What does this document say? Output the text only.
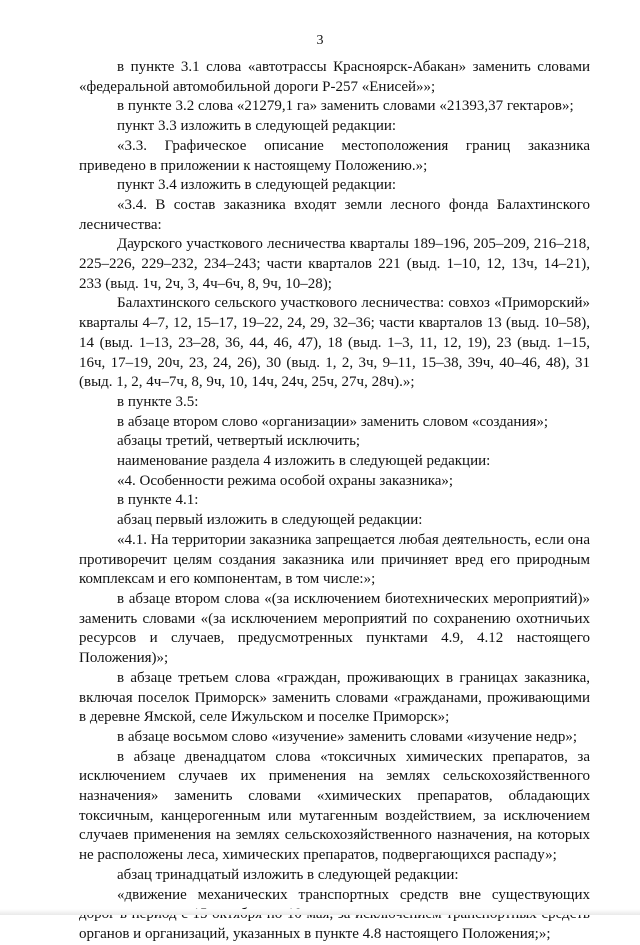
3

в пункте 3.1 слова «автотрассы Красноярск-Абакан» заменить словами «федеральной автомобильной дороги Р-257 «Енисей»»;

в пункте 3.2 слова «21279,1 га» заменить словами «21393,37 гектаров»;

пункт 3.3 изложить в следующей редакции:

«3.3. Графическое описание местоположения границ заказника приведено в приложении к настоящему Положению.»;

пункт 3.4 изложить в следующей редакции:

«3.4. В состав заказника входят земли лесного фонда Балахтинского лесничества:

Даурского участкового лесничества кварталы 189–196, 205–209, 216–218, 225–226, 229–232, 234–243; части кварталов 221 (выд. 1–10, 12, 13ч, 14–21), 233 (выд. 1ч, 2ч, 3, 4ч–6ч, 8, 9ч, 10–28);

Балахтинского сельского участкового лесничества: совхоз «Приморский» кварталы 4–7, 12, 15–17, 19–22, 24, 29, 32–36; части кварталов 13 (выд. 10–58), 14 (выд. 1–13, 23–28, 36, 44, 46, 47), 18 (выд. 1–3, 11, 12, 19), 23 (выд. 1–15, 16ч, 17–19, 20ч, 23, 24, 26), 30 (выд. 1, 2, 3ч, 9–11, 15–38, 39ч, 40–46, 48), 31 (выд. 1, 2, 4ч–7ч, 8, 9ч, 10, 14ч, 24ч, 25ч, 27ч, 28ч).»;

в пункте 3.5:

в абзаце втором слово «организации» заменить словом «создания»;

абзацы третий, четвертый исключить;

наименование раздела 4 изложить в следующей редакции:

«4. Особенности режима особой охраны заказника»;

в пункте 4.1:

абзац первый изложить в следующей редакции:

«4.1. На территории заказника запрещается любая деятельность, если она противоречит целям создания заказника или причиняет вред его природным комплексам и его компонентам, в том числе:»;

в абзаце втором слова «(за исключением биотехнических мероприятий)» заменить словами «(за исключением мероприятий по сохранению охотничьих ресурсов и случаев, предусмотренных пунктами 4.9, 4.12 настоящего Положения)»;

в абзаце третьем слова «граждан, проживающих в границах заказника, включая поселок Приморск» заменить словами «гражданами, проживающими в деревне Ямской, селе Ижульском и поселке Приморск»;

в абзаце восьмом слово «изучение» заменить словами «изучение недр»;

в абзаце двенадцатом слова «токсичных химических препаратов, за исключением случаев их применения на землях сельскохозяйственного назначения» заменить словами «химических препаратов, обладающих токсичным, канцерогенным или мутагенным воздействием, за исключением случаев применения на землях сельскохозяйственного назначения, на которых не расположены леса, химических препаратов, подвергающихся распаду»;

абзац тринадцатый изложить в следующей редакции:

«движение механических транспортных средств вне существующих органов и организаций, указанных в пункте 4.8 настоящего Положения;»;
